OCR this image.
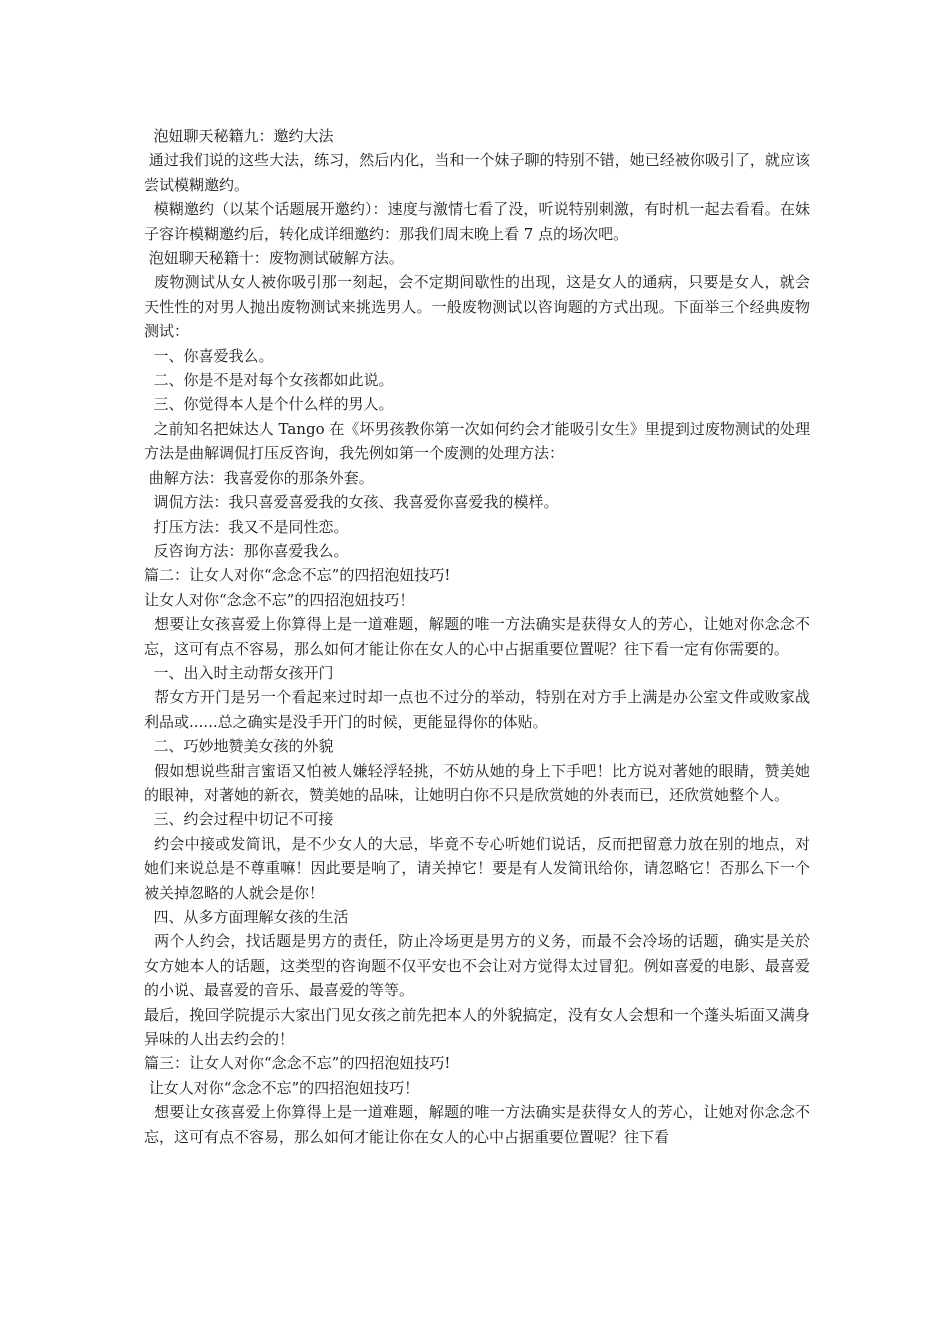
泡妞聊天秘籍九：邀约大法

通过我们说的这些大法，练习，然后内化，当和一个妹子聊的特别不错，她已经被你吸引了，就应该尝试模糊邀约。

模糊邀约（以某个话题展开邀约）：速度与激情七看了没，听说特别刺激，有时机一起去看看。在妹子容许模糊邀约后，转化成详细邀约：那我们周末晚上看 7 点的场次吧。

泡妞聊天秘籍十：废物测试破解方法。

废物测试从女人被你吸引那一刻起，会不定期间歇性的出现，这是女人的通病，只要是女人，就会天性性的对男人抛出废物测试来挑选男人。一般废物测试以咨询题的方式出现。下面举三个经典废物测试：

一、你喜爱我么。

二、你是不是对每个女孩都如此说。

三、你觉得本人是个什么样的男人。

之前知名把妹达人 Tango 在《坏男孩教你第一次如何约会才能吸引女生》里提到过废物测试的处理方法是曲解调侃打压反咨询，我先例如第一个废测的处理方法：

曲解方法：我喜爱你的那条外套。

调侃方法：我只喜爱喜爱我的女孩、我喜爱你喜爱我的模样。

打压方法：我又不是同性恋。

反咨询方法：那你喜爱我么。

篇二：让女人对你“念念不忘”的四招泡妞技巧!

让女人对你“念念不忘”的四招泡妞技巧！

想要让女孩喜爱上你算得上是一道难题，解题的唯一方法确实是获得女人的芳心，让她对你念念不忘，这可有点不容易，那么如何才能让你在女人的心中占据重要位置呢？往下看一定有你需要的。

一、出入时主动帮女孩开门

帮女方开门是另一个看起来过时却一点也不过分的举动，特别在对方手上满是办公室文件或败家战利品或......总之确实是没手开门的时候，更能显得你的体贴。

二、巧妙地赞美女孩的外貌

假如想说些甜言蜜语又怕被人嫌轻浮轻挑，不妨从她的身上下手吧！比方说对著她的眼睛，赞美她的眼神，对著她的新衣，赞美她的品味，让她明白你不只是欣赏她的外表而已，还欣赏她整个人。

三、约会过程中切记不可接

约会中接或发简讯，是不少女人的大忌，毕竟不专心听她们说话，反而把留意力放在别的地点，对她们来说总是不尊重嘛！因此要是响了，请关掉它！要是有人发简讯给你，请忽略它！否那么下一个被关掉忽略的人就会是你！

四、从多方面理解女孩的生活

两个人约会，找话题是男方的责任，防止冷场更是男方的义务，而最不会冷场的话题，确实是关於女方她本人的话题，这类型的咨询题不仅平安也不会让对方觉得太过冒犯。例如喜爱的电影、最喜爱的小说、最喜爱的音乐、最喜爱的等等。

最后，挽回学院提示大家出门见女孩之前先把本人的外貌搞定，没有女人会想和一个蓬头垢面又满身异味的人出去约会的！

篇三：让女人对你“念念不忘”的四招泡妞技巧!

让女人对你“念念不忘”的四招泡妞技巧！

想要让女孩喜爱上你算得上是一道难题，解题的唯一方法确实是获得女人的芳心，让她对你念念不忘，这可有点不容易，那么如何才能让你在女人的心中占据重要位置呢？往下看
